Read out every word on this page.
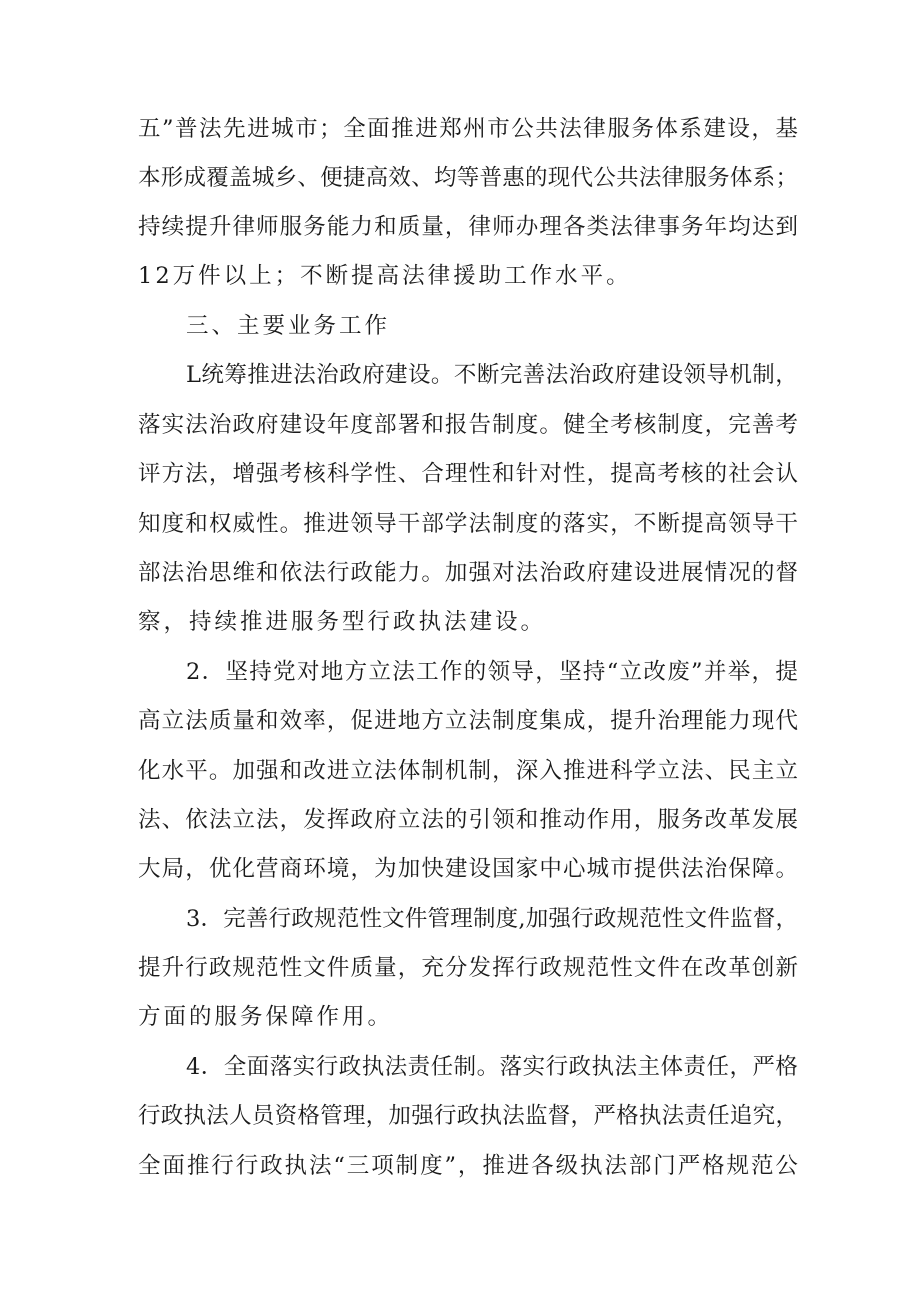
五 ” 普 法 先 进 城 市 ； 全 面 推 进 郑 州 市 公 共 法 律 服 务 体 系 建 设 ， 基
本 形 成 覆 盖 城 乡 、 便 捷 高 效 、 均 等 普 惠 的 现 代 公 共 法 律 服 务 体 系 ；
持 续 提 升 律 师 服 务 能 力 和 质 量 ， 律 师 办 理 各 类 法 律 事 务 年 均 达 到
12万件以上；不断提高法律援助工作水平。
三、主要业务工作
L 统 筹 推 进 法 治 政 府 建 设 。 不 断 完 善 法 治 政 府 建 设 领 导 机 制 ，
落 实 法 治 政 府 建 设 年 度 部 署 和 报 告 制 度 。 健 全 考 核 制 度 ， 完 善 考
评 方 法 ， 增 强 考 核 科 学 性 、 合 理 性 和 针 对 性 ， 提 高 考 核 的 社 会 认
知 度 和 权 威 性 。 推 进 领 导 干 部 学 法 制 度 的 落 实 ， 不 断 提 高 领 导 干
部 法 治 思 维 和 依 法 行 政 能 力 。 加 强 对 法 治 政 府 建 设 进 展 情 况 的 督
察，持续推进服务型行政执法建设。
2 ． 坚 持 党 对 地 方 立 法 工 作 的 领 导 ， 坚 持 “ 立 改 废 ” 并 举 ， 提
高 立 法 质 量 和 效 率 ， 促 进 地 方 立 法 制 度 集 成 ， 提 升 治 理 能 力 现 代
化 水 平 。 加 强 和 改 进 立 法 体 制 机 制 ， 深 入 推 进 科 学 立 法 、 民 主 立
法 、 依 法 立 法 ， 发 挥 政 府 立 法 的 引 领 和 推 动 作 用 ， 服 务 改 革 发 展
大 局 ， 优 化 营 商 环 境 ， 为 加 快 建 设 国 家 中 心 城 市 提 供 法 治 保 障 。
3 ． 完 善 行 政 规 范 性 文 件 管 理 制 度 , 加 强 行 政 规 范 性 文 件 监 督 ，
提 升 行 政 规 范 性 文 件 质 量 ， 充 分 发 挥 行 政 规 范 性 文 件 在 改 革 创 新
方面的服务保障作用。
4 ． 全 面 落 实 行 政 执 法 责 任 制 。 落 实 行 政 执 法 主 体 责 任 ， 严 格
行 政 执 法 人 员 资 格 管 理 ， 加 强 行 政 执 法 监 督 ， 严 格 执 法 责 任 追 究 ，
全 面 推 行 行 政 执 法 “ 三 项 制 度 ” ， 推 进 各 级 执 法 部 门 严 格 规 范 公
